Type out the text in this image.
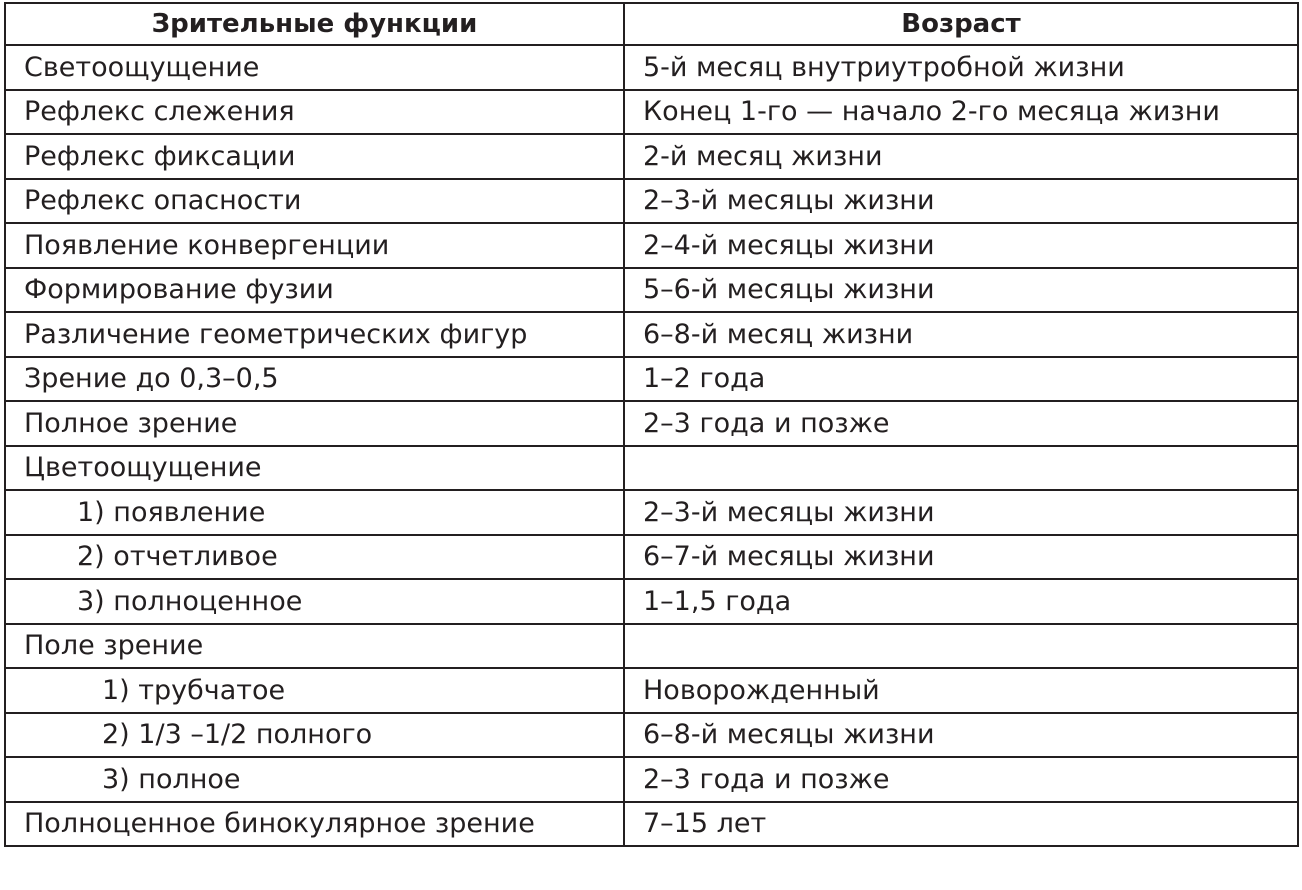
Зрительные функции	Возраст
Светоощущение	5-й месяц внутриутробной жизни
Рефлекс слежения	Конец 1-го — начало 2-го месяца жизни
Рефлекс фиксации	2-й месяц жизни
Рефлекс опасности	2–3-й месяцы жизни
Появление конвергенции	2–4-й месяцы жизни
Формирование фузии	5–6-й месяцы жизни
Различение геометрических фигур	6–8-й месяц жизни
Зрение до 0,3–0,5	1–2 года
Полное зрение	2–3 года и позже
Цветоощущение	
1) появление	2–3-й месяцы жизни
2) отчетливое	6–7-й месяцы жизни
3) полноценное	1–1,5 года
Поле зрение	
1) трубчатое	Новорожденный
2) 1/3 –1/2 полного	6–8-й месяцы жизни
3) полное	2–3 года и позже
Полноценное бинокулярное зрение	7–15 лет
